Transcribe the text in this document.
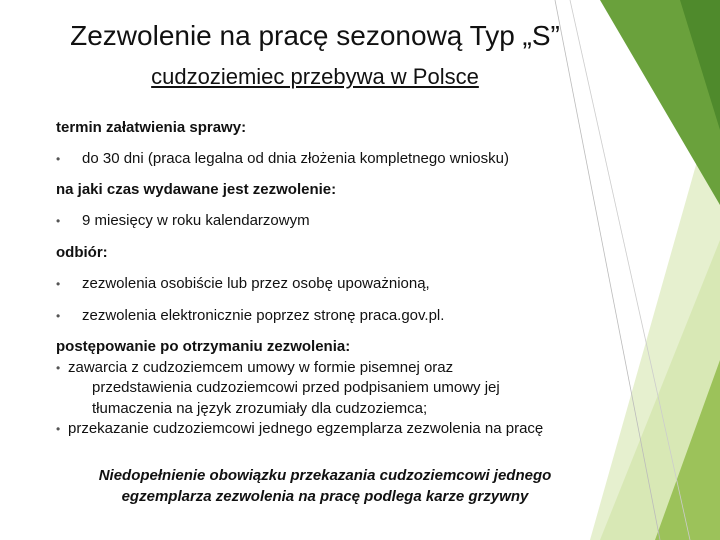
Zezwolenie na pracę sezonową Typ „S”
cudzoziemiec przebywa w Polsce
termin załatwienia sprawy:
• do 30 dni (praca legalna od dnia złożenia kompletnego wniosku)
na jaki czas wydawane jest zezwolenie:
• 9 miesięcy w roku kalendarzowym
odbiór:
• zezwolenia osobiście lub przez osobę upoważnioną,
• zezwolenia elektronicznie poprzez stronę praca.gov.pl.
postępowanie po otrzymaniu zezwolenia:
• zawarcia z cudzoziemcem umowy w formie pisemnej oraz
przedstawienia cudzoziemcowi przed podpisaniem umowy jej
tłumaczenia na język zrozumiały dla cudzoziemca;
• przekazanie cudzoziemcowi jednego egzemplarza zezwolenia na pracę
Niedopełnienie obowiązku przekazania cudzoziemcowi jednego
egzemplarza zezwolenia na pracę podlega karze grzywny
